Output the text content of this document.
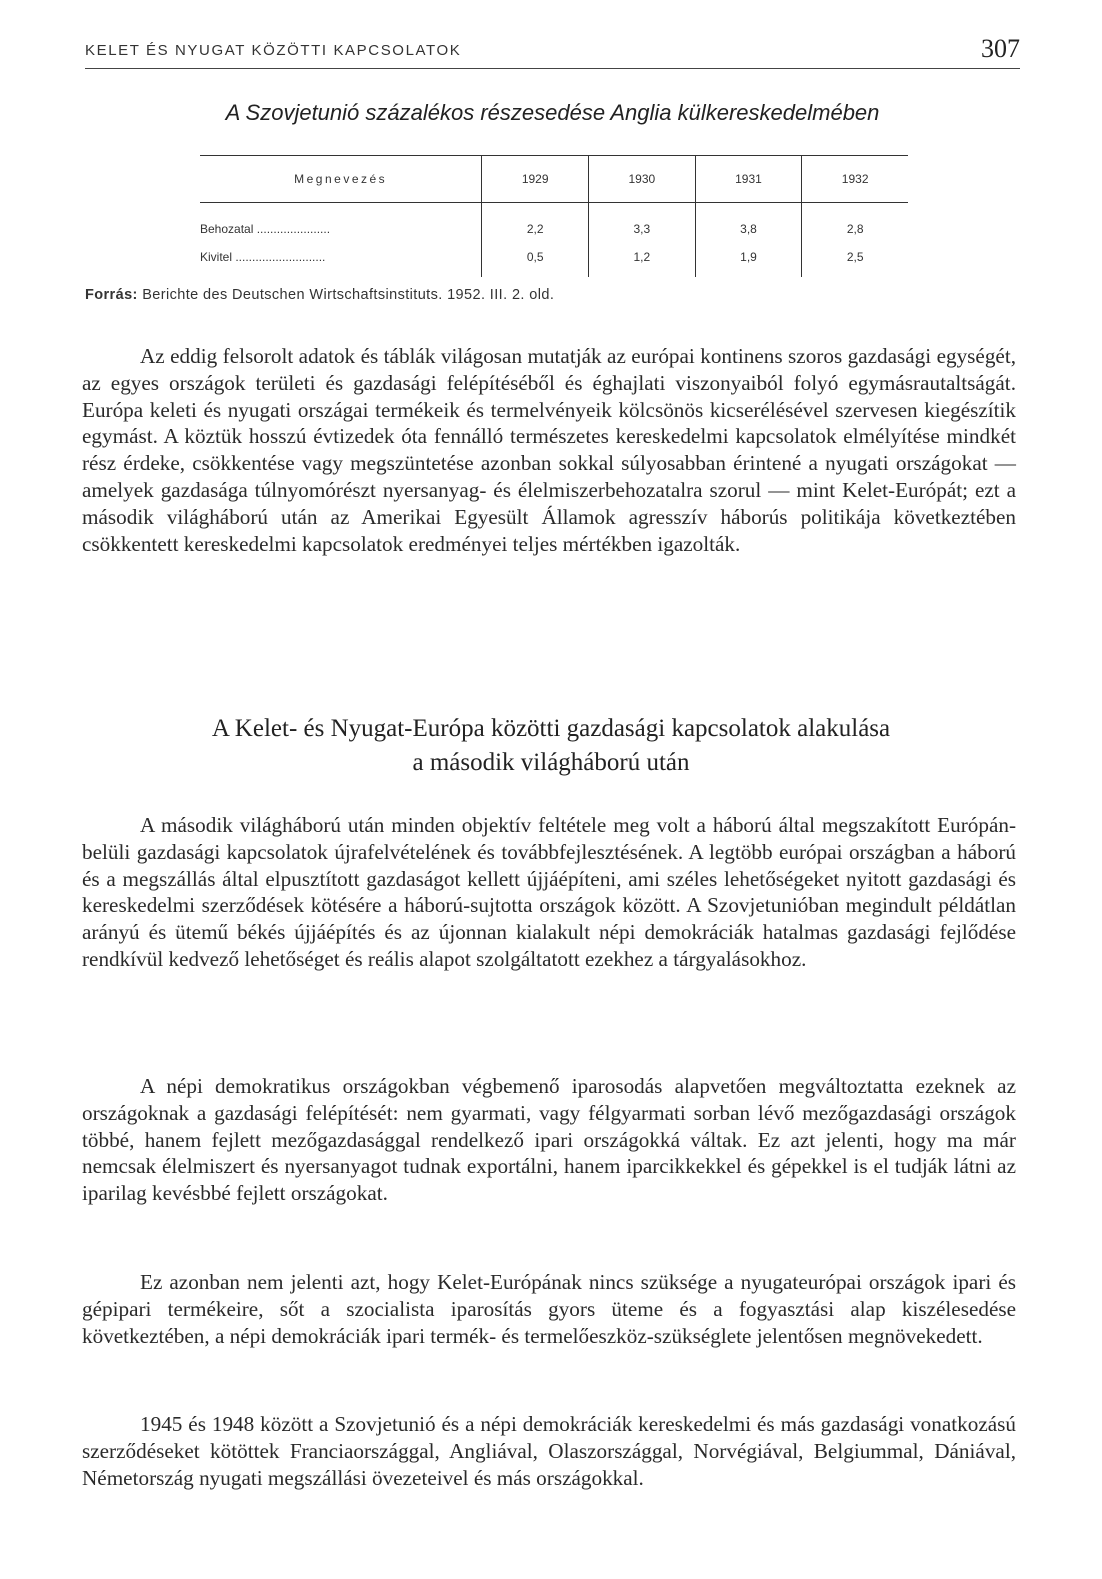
KELET ÉS NYUGAT KÖZÖTTI KAPCSOLATOK	307
A Szovjetunió százalékos részesedése Anglia külkereskedelmében
Megnevezés	1929	1930	1931	1932
Behozatal ......................	2,2	3,3	3,8	2,8
Kivitel ...........................	0,5	1,2	1,9	2,5
Forrás: Berichte des Deutschen Wirtschaftsinstituts. 1952. III. 2. old.

Az eddig felsorolt adatok és táblák világosan mutatják az európai kontinens szoros gazdasági egységét, az egyes országok területi és gazdasági felépítéséből és éghajlati viszonyaiból folyó egymásrautaltságát. Európa keleti és nyugati országai termékeik és termelvényeik kölcsönös kicserélésével szervesen kiegészítik egymást. A köztük hosszú évtizedek óta fennálló természetes kereskedelmi kapcsolatok elmélyítése mindkét rész érdeke, csökkentése vagy megszüntetése azonban sokkal súlyosabban érintené a nyugati országokat — amelyek gazdasága túlnyomórészt nyersanyag- és élelmiszerbehozatalra szorul — mint Kelet-Európát; ezt a második világháború után az Amerikai Egyesült Államok agresszív háborús politikája következtében csökkentett kereskedelmi kapcsolatok eredményei teljes mértékben igazolták.

A Kelet- és Nyugat-Európa közötti gazdasági kapcsolatok alakulása
a második világháború után

A második világháború után minden objektív feltétele meg volt a háború által megszakított Európán-belüli gazdasági kapcsolatok újrafelvételének és továbbfejlesztésének. A legtöbb európai országban a háború és a megszállás által elpusztított gazdaságot kellett újjáépíteni, ami széles lehetőségeket nyitott gazdasági és kereskedelmi szerződések kötésére a háború-sujtotta országok között. A Szovjetunióban megindult példátlan arányú és ütemű békés újjáépítés és az újonnan kialakult népi demokráciák hatalmas gazdasági fejlődése rendkívül kedvező lehetőséget és reális alapot szolgáltatott ezekhez a tárgyalásokhoz.

A népi demokratikus országokban végbemenő iparosodás alapvetően megváltoztatta ezeknek az országoknak a gazdasági felépítését: nem gyarmati, vagy félgyarmati sorban lévő mezőgazdasági országok többé, hanem fejlett mezőgazdasággal rendelkező ipari országokká váltak. Ez azt jelenti, hogy ma már nemcsak élelmiszert és nyersanyagot tudnak exportálni, hanem iparcikkekkel és gépekkel is el tudják látni az iparilag kevésbbé fejlett országokat.

Ez azonban nem jelenti azt, hogy Kelet-Európának nincs szüksége a nyugateurópai országok ipari és gépipari termékeire, sőt a szocialista iparosítás gyors üteme és a fogyasztási alap kiszélesedése következtében, a népi demokráciák ipari termék- és termelőeszköz-szükséglete jelentősen megnövekedett.

1945 és 1948 között a Szovjetunió és a népi demokráciák kereskedelmi és más gazdasági vonatkozású szerződéseket kötöttek Franciaországgal, Angliával, Olaszországgal, Norvégiával, Belgiummal, Dániával, Németország nyugati megszállási övezeteivel és más országokkal.
